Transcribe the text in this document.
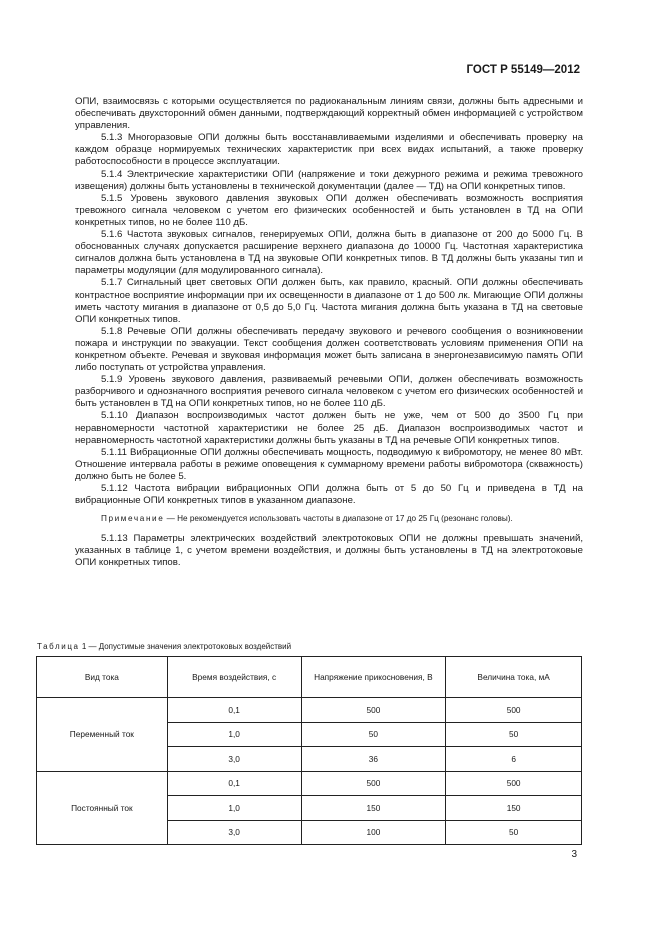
ГОСТ Р 55149—2012

ОПИ, взаимосвязь с которыми осуществляется по радиоканальным линиям связи, должны быть адресными и обеспечивать двухсторонний обмен данными, подтверждающий корректный обмен информацией с устройством управления.

5.1.3 Многоразовые ОПИ должны быть восстанавливаемыми изделиями и обеспечивать проверку на каждом образце нормируемых технических характеристик при всех видах испытаний, а также проверку работоспособности в процессе эксплуатации.

5.1.4 Электрические характеристики ОПИ (напряжение и токи дежурного режима и режима тревожного извещения) должны быть установлены в технической документации (далее — ТД) на ОПИ конкретных типов.

5.1.5 Уровень звукового давления звуковых ОПИ должен обеспечивать возможность восприятия тревожного сигнала человеком с учетом его физических особенностей и быть установлен в ТД на ОПИ конкретных типов, но не более 110 дБ.

5.1.6 Частота звуковых сигналов, генерируемых ОПИ, должна быть в диапазоне от 200 до 5000 Гц. В обоснованных случаях допускается расширение верхнего диапазона до 10000 Гц. Частотная характеристика сигналов должна быть установлена в ТД на звуковые ОПИ конкретных типов. В ТД должны быть указаны тип и параметры модуляции (для модулированного сигнала).

5.1.7 Сигнальный цвет световых ОПИ должен быть, как правило, красный. ОПИ должны обеспечивать контрастное восприятие информации при их освещенности в диапазоне от 1 до 500 лк. Мигающие ОПИ должны иметь частоту мигания в диапазоне от 0,5 до 5,0 Гц. Частота мигания должна быть указана в ТД на световые ОПИ конкретных типов.

5.1.8 Речевые ОПИ должны обеспечивать передачу звукового и речевого сообщения о возникновении пожара и инструкции по эвакуации. Текст сообщения должен соответствовать условиям применения ОПИ на конкретном объекте. Речевая и звуковая информация может быть записана в энергонезависимую память ОПИ либо поступать от устройства управления.

5.1.9 Уровень звукового давления, развиваемый речевыми ОПИ, должен обеспечивать возможность разборчивого и однозначного восприятия речевого сигнала человеком с учетом его физических особенностей и быть установлен в ТД на ОПИ конкретных типов, но не более 110 дБ.

5.1.10 Диапазон воспроизводимых частот должен быть не уже, чем от 500 до 3500 Гц при неравномерности частотной характеристики не более 25 дБ. Диапазон воспроизводимых частот и неравномерность частотной характеристики должны быть указаны в ТД на речевые ОПИ конкретных типов.

5.1.11 Вибрационные ОПИ должны обеспечивать мощность, подводимую к вибромотору, не менее 80 мВт. Отношение интервала работы в режиме оповещения к суммарному времени работы вибромотора (скважность) должно быть не более 5.

5.1.12 Частота вибрации вибрационных ОПИ должна быть от 5 до 50 Гц и приведена в ТД на вибрационные ОПИ конкретных типов в указанном диапазоне.

Примечание — Не рекомендуется использовать частоты в диапазоне от 17 до 25 Гц (резонанс головы).

5.1.13 Параметры электрических воздействий электротоковых ОПИ не должны превышать значений, указанных в таблице 1, с учетом времени воздействия, и должны быть установлены в ТД на электротоковые ОПИ конкретных типов.

Таблица 1 — Допустимые значения электротоковых воздействий
Вид тока	Время воздействия, с	Напряжение прикосновения, В	Величина тока, мА
Переменный ток	0,1	500	500
	1,0	50	50
	3,0	36	6
Постоянный ток	0,1	500	500
	1,0	150	150
	3,0	100	50
3
